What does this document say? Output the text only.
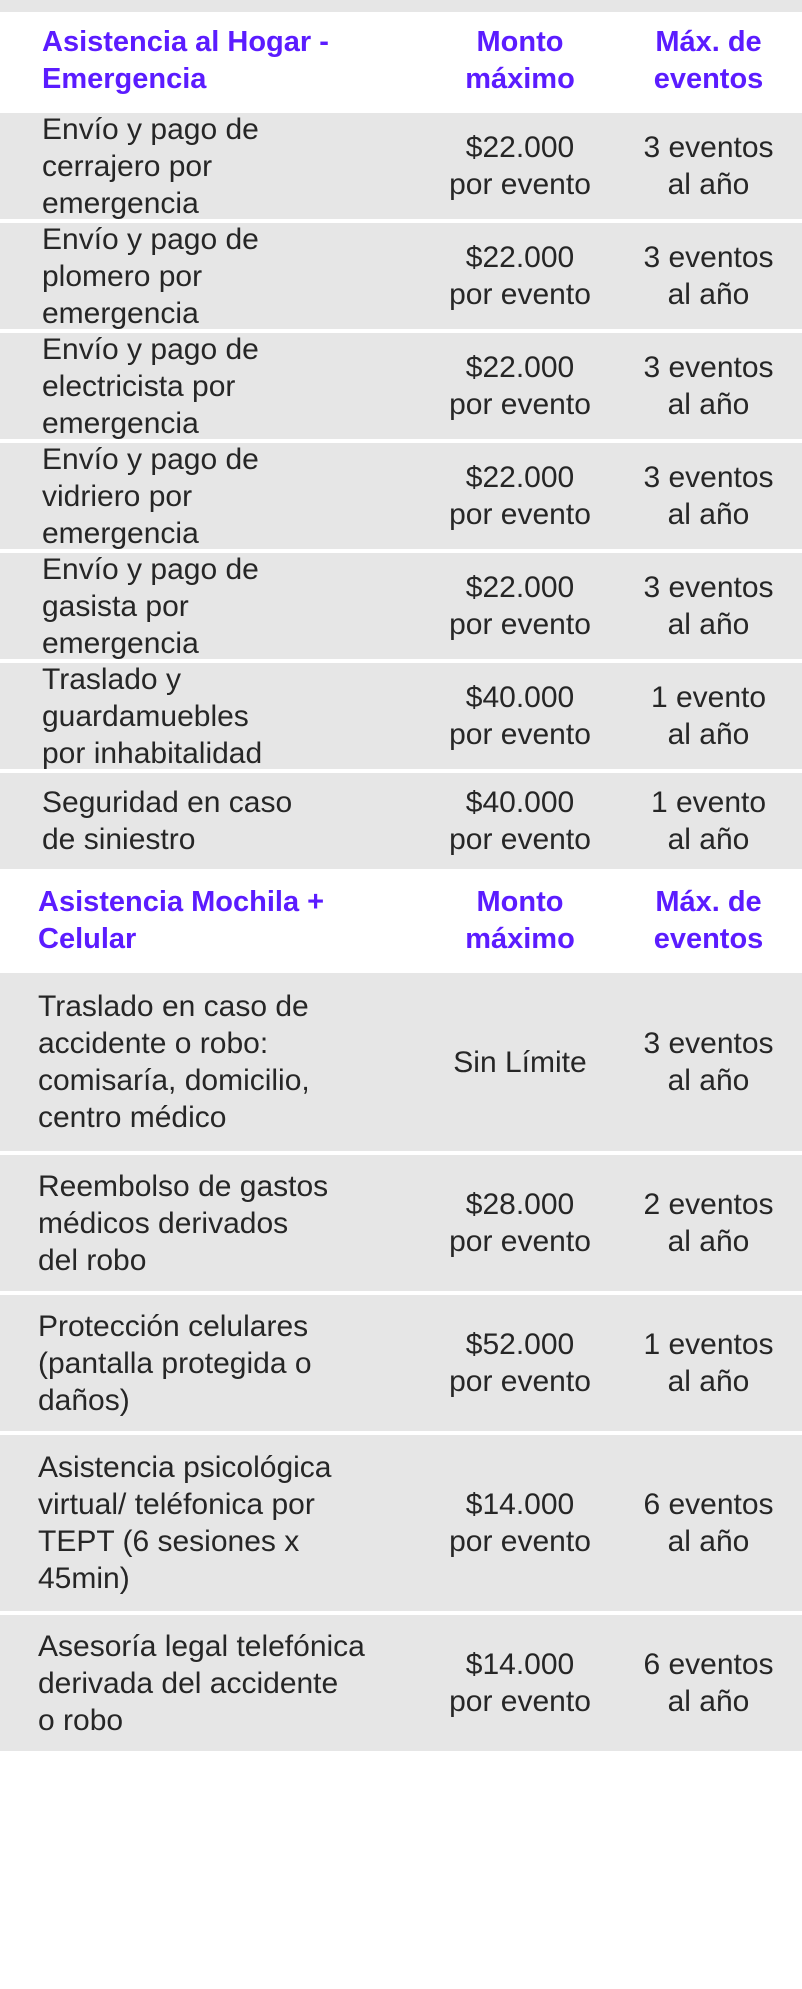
Asistencia al Hogar -
Emergencia
Monto
máximo
Máx. de
eventos
Envío y pago de
cerrajero por
emergencia
$22.000
por evento
3 eventos
al año
Envío y pago de
plomero por
emergencia
$22.000
por evento
3 eventos
al año
Envío y pago de
electricista por
emergencia
$22.000
por evento
3 eventos
al año
Envío y pago de
vidriero por
emergencia
$22.000
por evento
3 eventos
al año
Envío y pago de
gasista por
emergencia
$22.000
por evento
3 eventos
al año
Traslado y
guardamuebles
por inhabitalidad
$40.000
por evento
1 evento
al año
Seguridad en caso
de siniestro
$40.000
por evento
1 evento
al año
Asistencia Mochila +
Celular
Monto
máximo
Máx. de
eventos
Traslado en caso de
accidente o robo:
comisaría, domicilio,
centro médico
Sin Límite
3 eventos
al año
Reembolso de gastos
médicos derivados
del robo
$28.000
por evento
2 eventos
al año
Protección celulares
(pantalla protegida o
daños)
$52.000
por evento
1 eventos
al año
Asistencia psicológica
virtual/ teléfonica por
TEPT (6 sesiones x
45min)
$14.000
por evento
6 eventos
al año
Asesoría legal telefónica
derivada del accidente
o robo
$14.000
por evento
6 eventos
al año
